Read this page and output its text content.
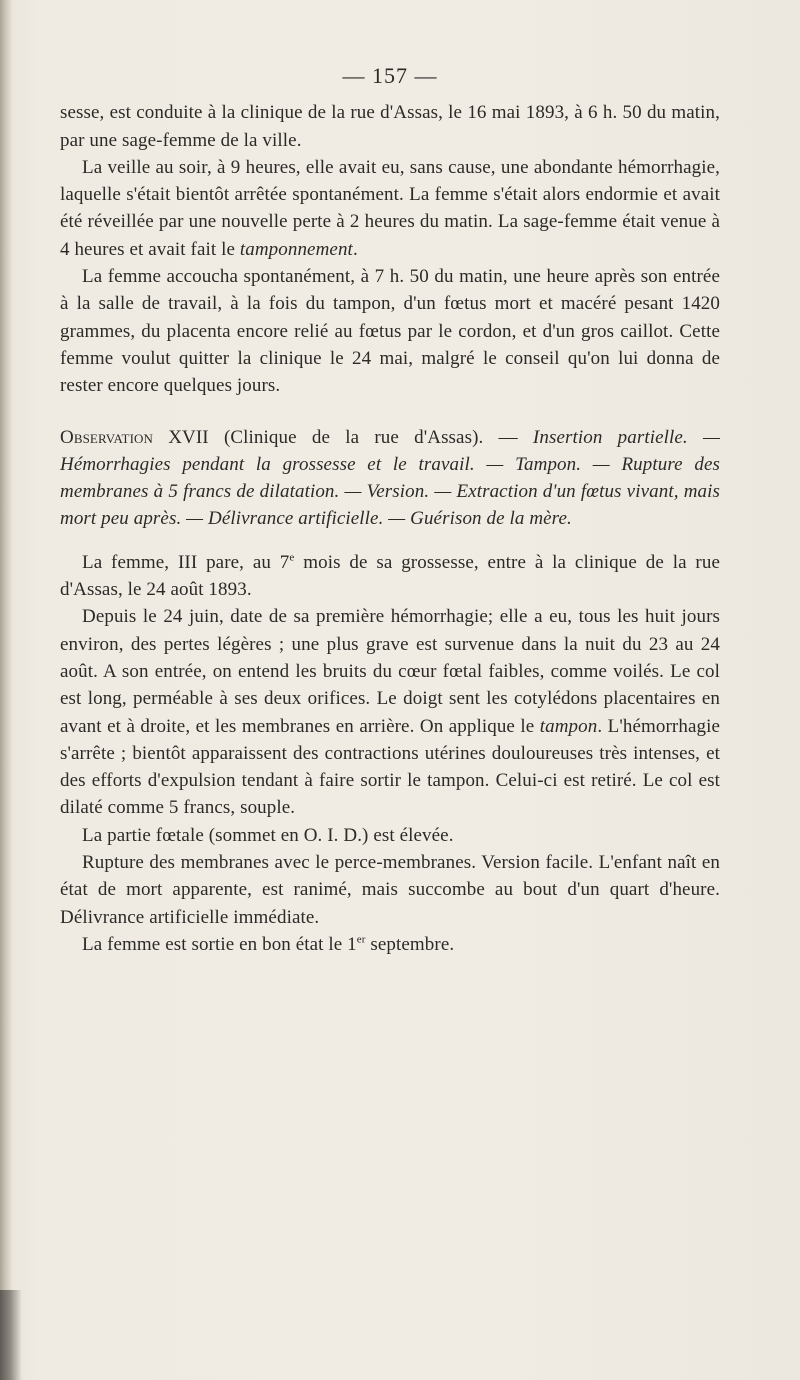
— 157 —

sesse, est conduite à la clinique de la rue d'Assas, le 16 mai 1893, à 6 h. 50 du matin, par une sage-femme de la ville.

La veille au soir, à 9 heures, elle avait eu, sans cause, une abondante hémorrhagie, laquelle s'était bientôt arrêtée spontanément. La femme s'était alors endormie et avait été réveillée par une nouvelle perte à 2 heures du matin. La sage-femme était venue à 4 heures et avait fait le tamponnement.

La femme accoucha spontanément, à 7 h. 50 du matin, une heure après son entrée à la salle de travail, à la fois du tampon, d'un fœtus mort et macéré pesant 1420 grammes, du placenta encore relié au fœtus par le cordon, et d'un gros caillot. Cette femme voulut quitter la clinique le 24 mai, malgré le conseil qu'on lui donna de rester encore quelques jours.

Observation XVII (Clinique de la rue d'Assas). — Insertion partielle. — Hémorrhagies pendant la grossesse et le travail. — Tampon. — Rupture des membranes à 5 francs de dilatation. — Version. — Extraction d'un fœtus vivant, mais mort peu après. — Délivrance artificielle. — Guérison de la mère.

La femme, III pare, au 7e mois de sa grossesse, entre à la clinique de la rue d'Assas, le 24 août 1893.

Depuis le 24 juin, date de sa première hémorrhagie; elle a eu, tous les huit jours environ, des pertes légères ; une plus grave est survenue dans la nuit du 23 au 24 août. A son entrée, on entend les bruits du cœur fœtal faibles, comme voilés. Le col est long, perméable à ses deux orifices. Le doigt sent les cotylédons placentaires en avant et à droite, et les membranes en arrière. On applique le tampon. L'hémorrhagie s'arrête ; bientôt apparaissent des contractions utérines douloureuses très intenses, et des efforts d'expulsion tendant à faire sortir le tampon. Celui-ci est retiré. Le col est dilaté comme 5 francs, souple.

La partie fœtale (sommet en O. I. D.) est élevée.

Rupture des membranes avec le perce-membranes. Version facile. L'enfant naît en état de mort apparente, est ranimé, mais succombe au bout d'un quart d'heure. Délivrance artificielle immédiate.

La femme est sortie en bon état le 1er septembre.
